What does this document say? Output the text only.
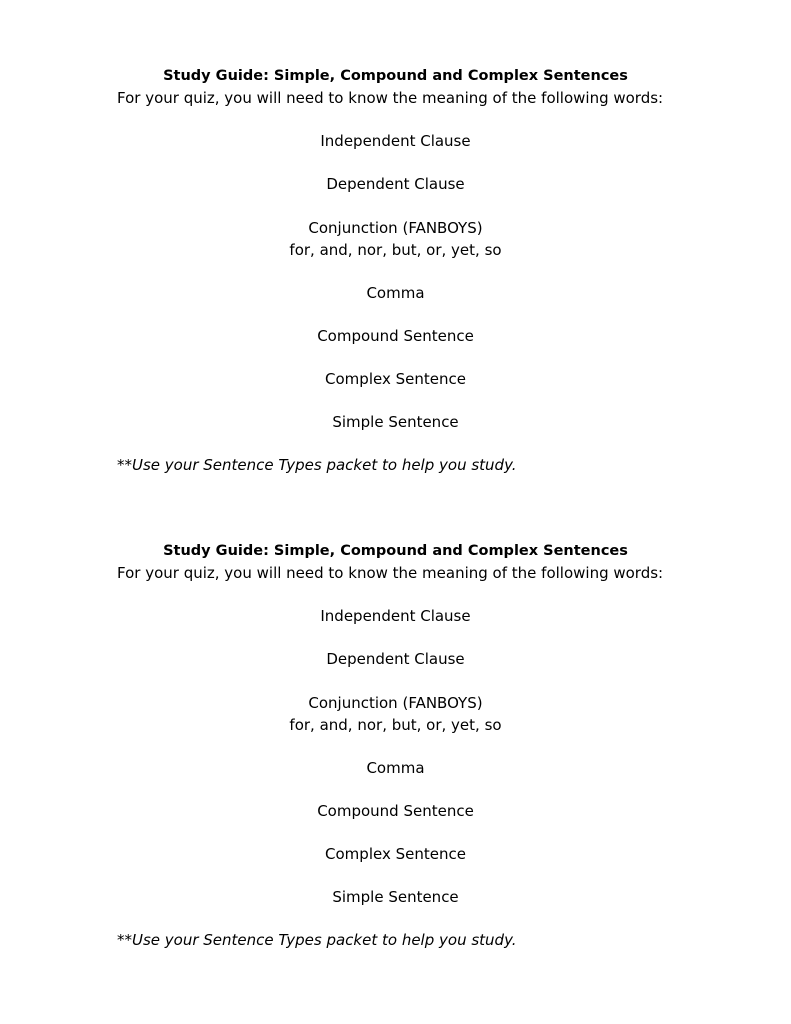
Study Guide: Simple, Compound and Complex Sentences
For your quiz, you will need to know the meaning of the following words:
Independent Clause
Dependent Clause
Conjunction (FANBOYS)
for, and, nor, but, or, yet, so
Comma
Compound Sentence
Complex Sentence
Simple Sentence
**Use your Sentence Types packet to help you study.
Study Guide: Simple, Compound and Complex Sentences
For your quiz, you will need to know the meaning of the following words:
Independent Clause
Dependent Clause
Conjunction (FANBOYS)
for, and, nor, but, or, yet, so
Comma
Compound Sentence
Complex Sentence
Simple Sentence
**Use your Sentence Types packet to help you study.
